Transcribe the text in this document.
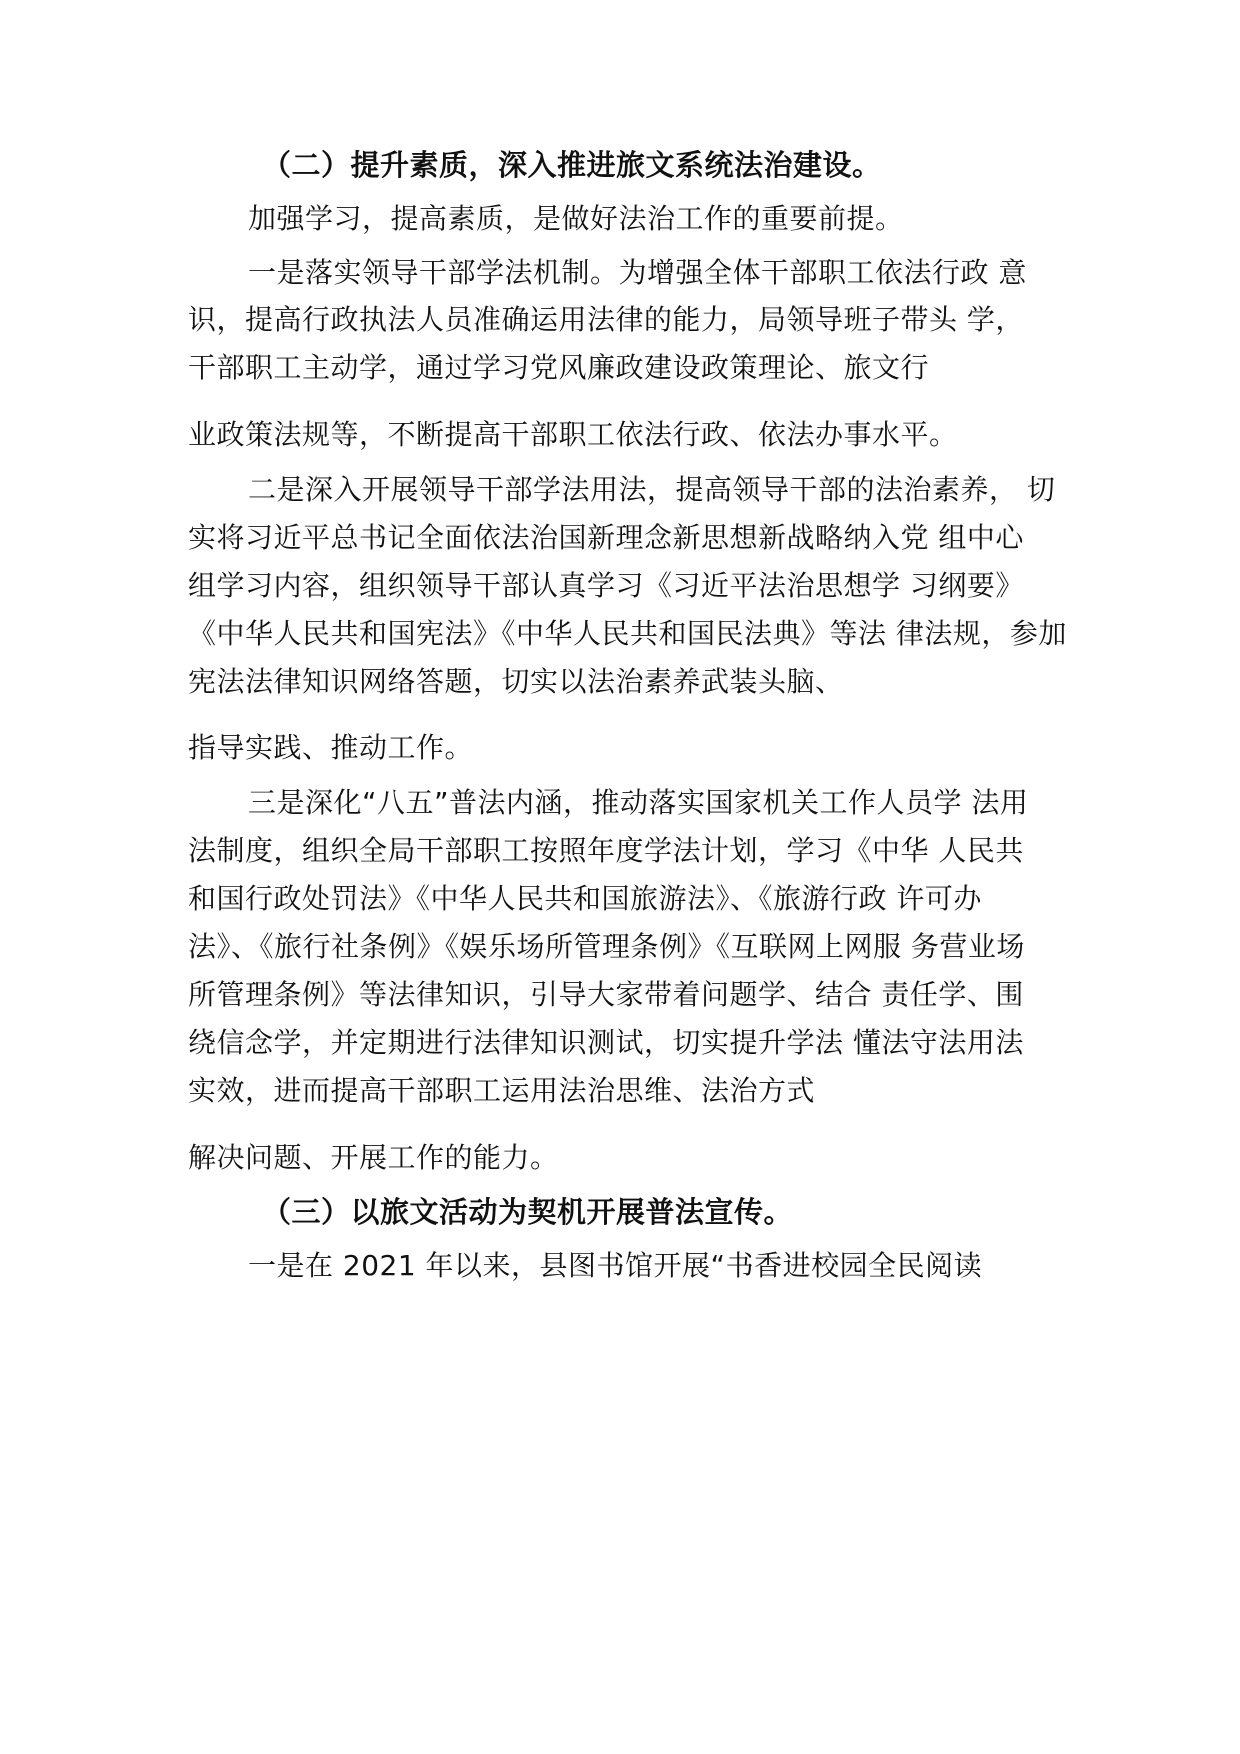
（二）提升素质，深入推进旅文系统法治建设。
加强学习，提高素质，是做好法治工作的重要前提。
一是落实领导干部学法机制。为增强全体干部职工依法行政 意
识，提高行政执法人员准确运用法律的能力，局领导班子带头 学，
干部职工主动学，通过学习党风廉政建设政策理论、旅文行
业政策法规等，不断提高干部职工依法行政、依法办事水平。
二是深入开展领导干部学法用法，提高领导干部的法治素养， 切
实将习近平总书记全面依法治国新理念新思想新战略纳入党 组中心
组学习内容，组织领导干部认真学习《习近平法治思想学 习纲要》
《中华人民共和国宪法》《中华人民共和国民法典》等法 律法规，参加
宪法法律知识网络答题，切实以法治素养武装头脑、
指导实践、推动工作。
三是深化“八五”普法内涵，推动落实国家机关工作人员学 法用
法制度，组织全局干部职工按照年度学法计划，学习《中华 人民共
和国行政处罚法》《中华人民共和国旅游法》、《旅游行政 许可办
法》、《旅行社条例》《娱乐场所管理条例》《互联网上网服 务营业场
所管理条例》等法律知识，引导大家带着问题学、结合 责任学、围
绕信念学，并定期进行法律知识测试，切实提升学法 懂法守法用法
实效，进而提高干部职工运用法治思维、法治方式
解决问题、开展工作的能力。
（三）以旅文活动为契机开展普法宣传。
一是在 2021 年以来，县图书馆开展“书香进校园全民阅读
